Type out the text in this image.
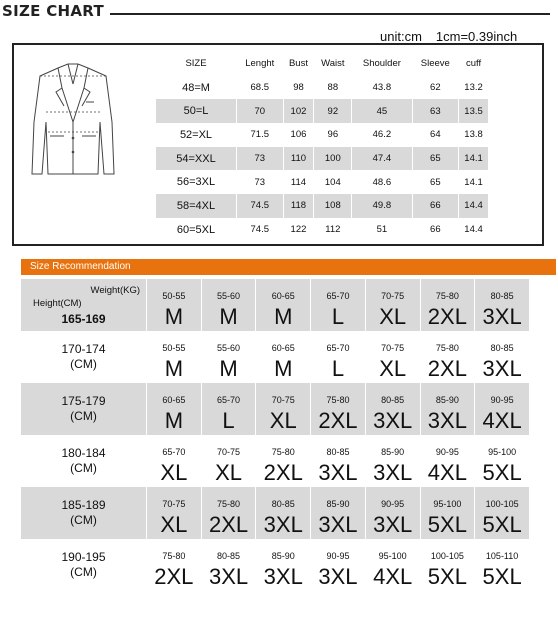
SIZE CHART
unit:cm 1cm=0.39inch
SIZE	Lenght	Bust	Waist	Shoulder	Sleeve	cuff
48=M	68.5	98	88	43.8	62	13.2
50=L	70	102	92	45	63	13.5
52=XL	71.5	106	96	46.2	64	13.8
54=XXL	73	110	100	47.4	65	14.1
56=3XL	73	114	104	48.6	65	14.1
58=4XL	74.5	118	108	49.8	66	14.4
60=5XL	74.5	122	112	51	66	14.4
Size Recommendation
Weight(KG)
Height(CM)
165-169	50-55	55-60	60-65	65-70	70-75	75-80	80-85
	M	M	M	L	XL	2XL	3XL

170-174
(CM)	50-55	55-60	60-65	65-70	70-75	75-80	80-85
	M	M	M	L	XL	2XL	3XL

175-179
(CM)	60-65	65-70	70-75	75-80	80-85	85-90	90-95
	M	L	XL	2XL	3XL	3XL	4XL

180-184
(CM)	65-70	70-75	75-80	80-85	85-90	90-95	95-100
	XL	XL	2XL	3XL	3XL	4XL	5XL

185-189
(CM)	70-75	75-80	80-85	85-90	90-95	95-100	100-105
	XL	2XL	3XL	3XL	3XL	5XL	5XL

190-195
(CM)	75-80	80-85	85-90	90-95	95-100	100-105	105-110
	2XL	3XL	3XL	3XL	4XL	5XL	5XL
